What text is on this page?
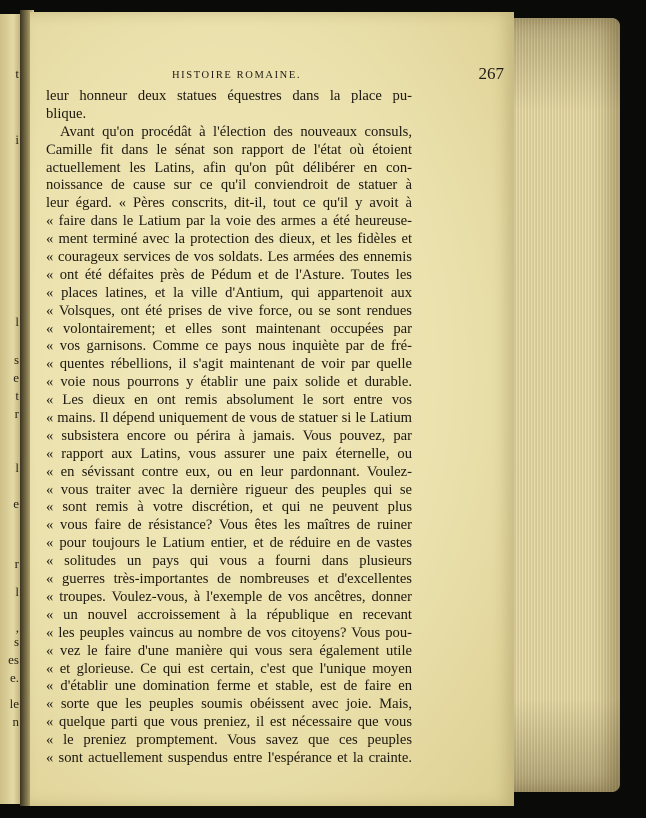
t
i
l
s
e
t
r
l
e
r
l
,
s
es
e.
le
n
HISTOIRE ROMAINE.	267
leur honneur deux statues équestres dans la place pu-
blique.
Avant qu'on procédât à l'élection des nouveaux consuls,
Camille fit dans le sénat son rapport de l'état où étoient
actuellement les Latins, afin qu'on pût délibérer en con-
noissance de cause sur ce qu'il conviendroit de statuer à
leur égard. « Pères conscrits, dit-il, tout ce qu'il y avoit à
« faire dans le Latium par la voie des armes a été heureuse-
« ment terminé avec la protection des dieux, et les fidèles et
« courageux services de vos soldats. Les armées des ennemis
« ont été défaites près de Pédum et de l'Asture. Toutes les
« places latines, et la ville d'Antium, qui appartenoit aux
« Volsques, ont été prises de vive force, ou se sont rendues
« volontairement; et elles sont maintenant occupées par
« vos garnisons. Comme ce pays nous inquiète par de fré-
« quentes rébellions, il s'agit maintenant de voir par quelle
« voie nous pourrons y établir une paix solide et durable.
« Les dieux en ont remis absolument le sort entre vos
« mains. Il dépend uniquement de vous de statuer si le Latium
« subsistera encore ou périra à jamais. Vous pouvez, par
« rapport aux Latins, vous assurer une paix éternelle, ou
« en sévissant contre eux, ou en leur pardonnant. Voulez-
« vous traiter avec la dernière rigueur des peuples qui se
« sont remis à votre discrétion, et qui ne peuvent plus
« vous faire de résistance? Vous êtes les maîtres de ruiner
« pour toujours le Latium entier, et de réduire en de vastes
« solitudes un pays qui vous a fourni dans plusieurs
« guerres très-importantes de nombreuses et d'excellentes
« troupes. Voulez-vous, à l'exemple de vos ancêtres, donner
« un nouvel accroissement à la république en recevant
« les peuples vaincus au nombre de vos citoyens? Vous pou-
« vez le faire d'une manière qui vous sera également utile
« et glorieuse. Ce qui est certain, c'est que l'unique moyen
« d'établir une domination ferme et stable, est de faire en
« sorte que les peuples soumis obéissent avec joie. Mais,
« quelque parti que vous preniez, il est nécessaire que vous
« le preniez promptement. Vous savez que ces peuples
« sont actuellement suspendus entre l'espérance et la crainte.
